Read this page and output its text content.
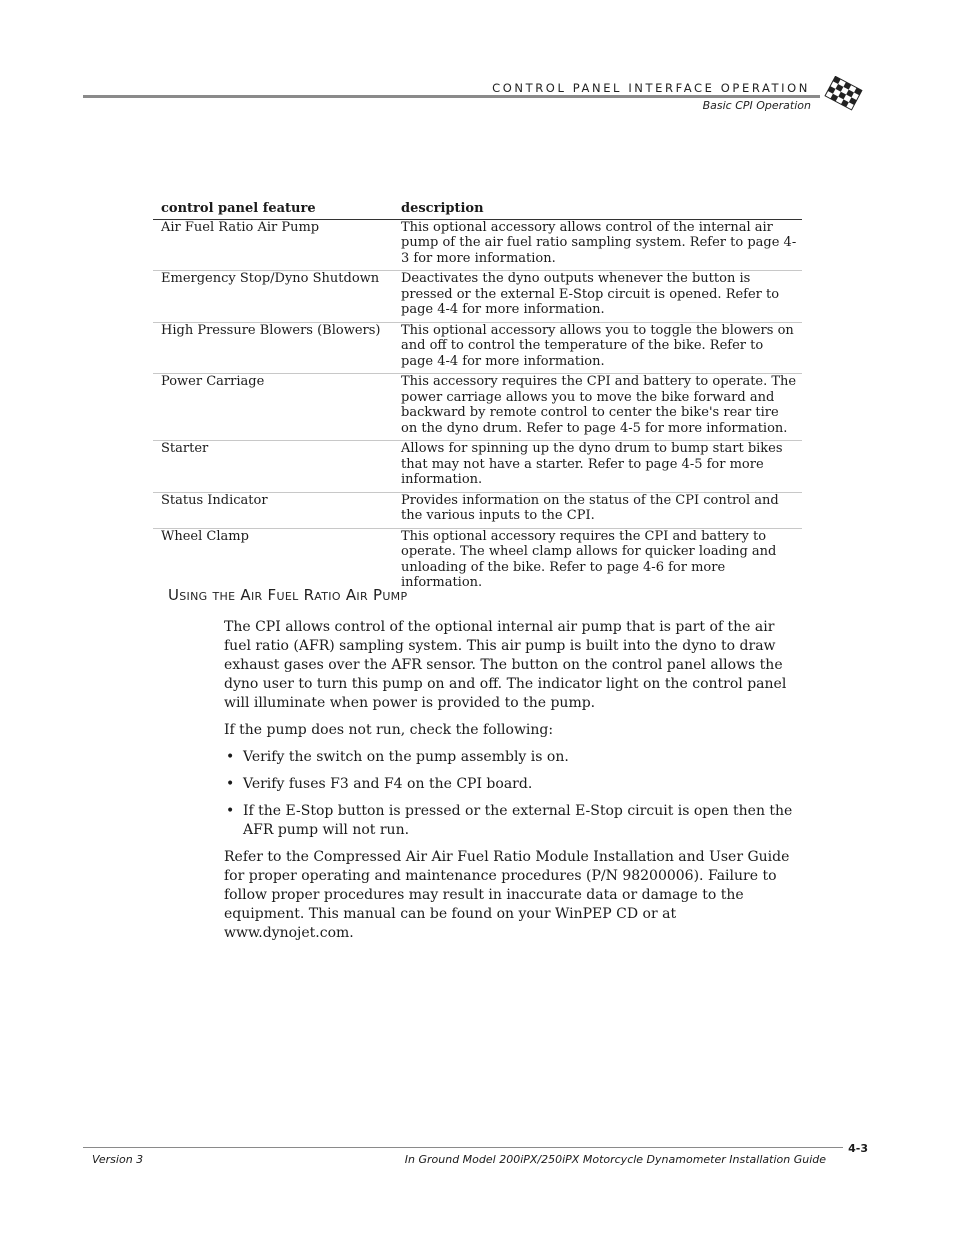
CONTROL PANEL INTERFACE OPERATION
Basic CPI Operation
control panel feature	description
Air Fuel Ratio Air Pump	This optional accessory allows control of the internal air pump of the air fuel ratio sampling system. Refer to page 4-3 for more information.
Emergency Stop/Dyno Shutdown	Deactivates the dyno outputs whenever the button is pressed or the external E-Stop circuit is opened. Refer to page 4-4 for more information.
High Pressure Blowers (Blowers)	This optional accessory allows you to toggle the blowers on and off to control the temperature of the bike. Refer to page 4-4 for more information.
Power Carriage	This accessory requires the CPI and battery to operate. The power carriage allows you to move the bike forward and backward by remote control to center the bike's rear tire on the dyno drum. Refer to page 4-5 for more information.
Starter	Allows for spinning up the dyno drum to bump start bikes that may not have a starter. Refer to page 4-5 for more information.
Status Indicator	Provides information on the status of the CPI control and the various inputs to the CPI.
Wheel Clamp	This optional accessory requires the CPI and battery to operate. The wheel clamp allows for quicker loading and unloading of the bike. Refer to page 4-6 for more information.
Using the Air Fuel Ratio Air Pump

The CPI allows control of the optional internal air pump that is part of the air fuel ratio (AFR) sampling system. This air pump is built into the dyno to draw exhaust gases over the AFR sensor. The button on the control panel allows the dyno user to turn this pump on and off. The indicator light on the control panel will illuminate when power is provided to the pump.

If the pump does not run, check the following:

• Verify the switch on the pump assembly is on.
• Verify fuses F3 and F4 on the CPI board.
• If the E-Stop button is pressed or the external E-Stop circuit is open then the AFR pump will not run.

Refer to the Compressed Air Air Fuel Ratio Module Installation and User Guide for proper operating and maintenance procedures (P/N 98200006). Failure to follow proper procedures may result in inaccurate data or damage to the equipment. This manual can be found on your WinPEP CD or at www.dynojet.com.

4-3
Version 3	In Ground Model 200iPX/250iPX Motorcycle Dynamometer Installation Guide
